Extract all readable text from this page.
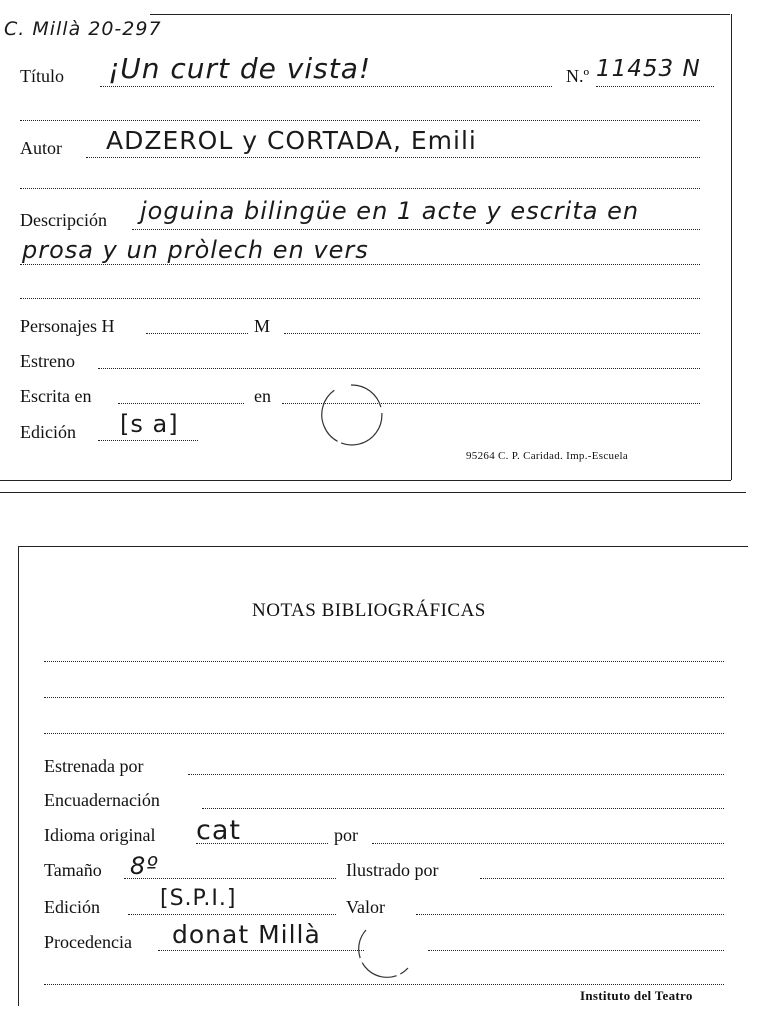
C. Millà 20-297
Título ¡Un curt de vista!	N.º 11453 N
Autor ADZEROL y CORTADA, Emili
Descripción joguina bilingüe en 1 acte y escrita en
prosa y un pròlech en vers
Personajes H	M
Estreno
Escrita en	en
Edición [s a]
95264 C. P. Caridad. Imp.-Escuela
NOTAS BIBLIOGRÁFICAS
Estrenada por
Encuadernación
Idioma original cat	por
Tamaño 8º	Ilustrado por
Edición	[S.P.I.]	Valor
Procedencia donat Millà
Instituto del Teatro
